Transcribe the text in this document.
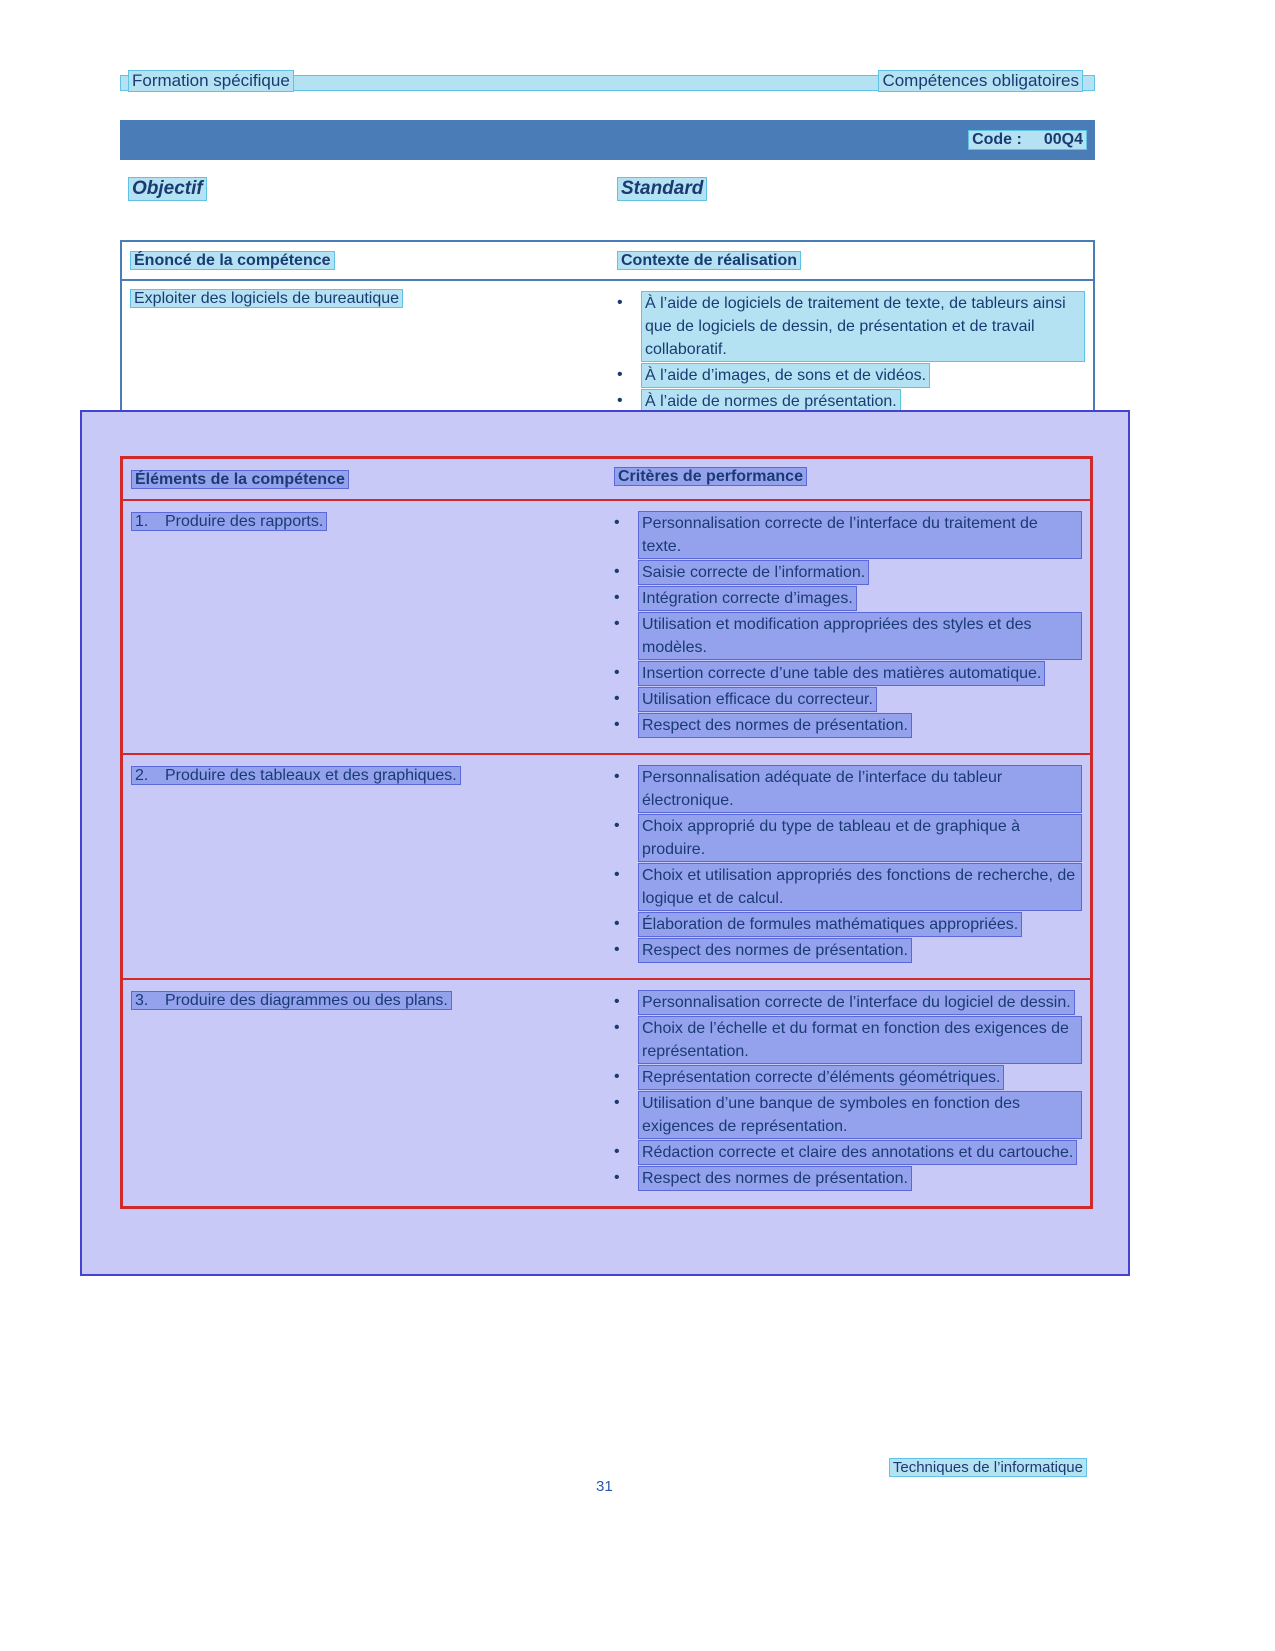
Formation spécifique	Compétences obligatoires
Code : 00Q4
Objectif	Standard
Énoncé de la compétence	Contexte de réalisation
Exploiter des logiciels de bureautique	• À l’aide de logiciels de traitement de texte, de tableurs ainsi que de logiciels de dessin, de présentation et de travail collaboratif.
• À l’aide d’images, de sons et de vidéos.
• À l’aide de normes de présentation.
Éléments de la compétence	Critères de performance
1. Produire des rapports.	• Personnalisation correcte de l’interface du traitement de texte.
• Saisie correcte de l’information.
• Intégration correcte d’images.
• Utilisation et modification appropriées des styles et des modèles.
• Insertion correcte d’une table des matières automatique.
• Utilisation efficace du correcteur.
• Respect des normes de présentation.
2. Produire des tableaux et des graphiques.	• Personnalisation adéquate de l’interface du tableur électronique.
• Choix approprié du type de tableau et de graphique à produire.
• Choix et utilisation appropriés des fonctions de recherche, de logique et de calcul.
• Élaboration de formules mathématiques appropriées.
• Respect des normes de présentation.
3. Produire des diagrammes ou des plans.	• Personnalisation correcte de l’interface du logiciel de dessin.
• Choix de l’échelle et du format en fonction des exigences de représentation.
• Représentation correcte d’éléments géométriques.
• Utilisation d’une banque de symboles en fonction des exigences de représentation.
• Rédaction correcte et claire des annotations et du cartouche.
• Respect des normes de présentation.
Techniques de l’informatique
31
